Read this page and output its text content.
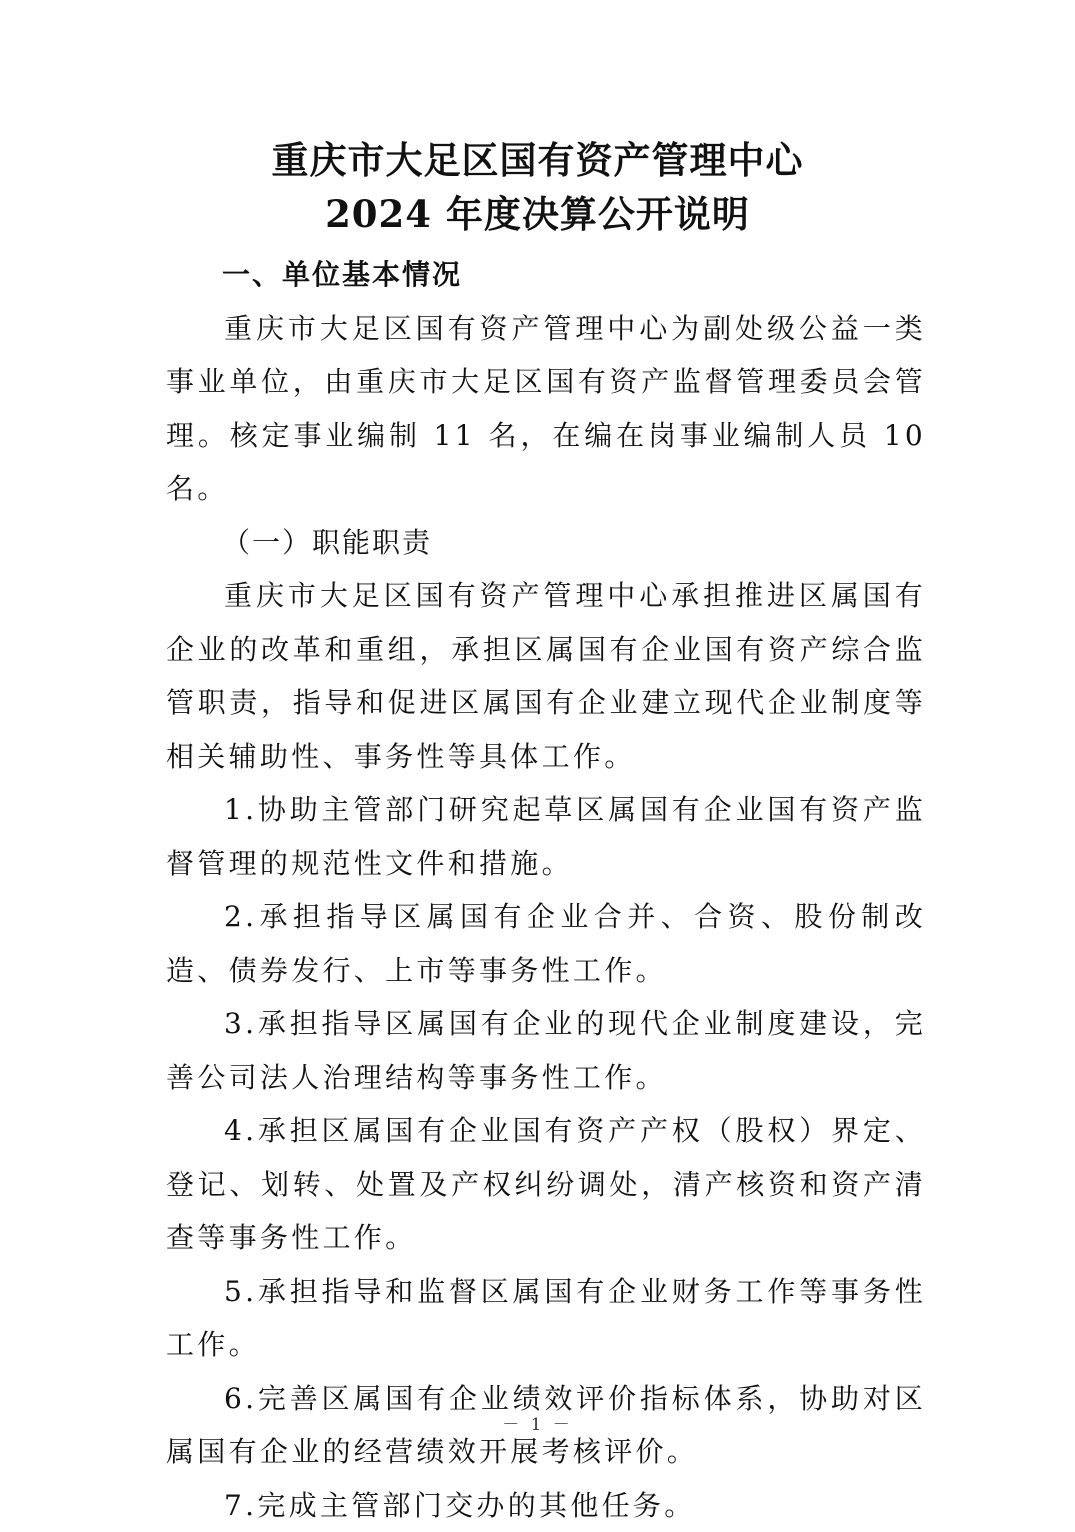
重庆市大足区国有资产管理中心
2024 年度决算公开说明

一、单位基本情况

重庆市大足区国有资产管理中心为副处级公益一类事业单位，由重庆市大足区国有资产监督管理委员会管理。核定事业编制 11 名，在编在岗事业编制人员 10 名。

（一）职能职责

重庆市大足区国有资产管理中心承担推进区属国有企业的改革和重组，承担区属国有企业国有资产综合监管职责，指导和促进区属国有企业建立现代企业制度等相关辅助性、事务性等具体工作。

1.协助主管部门研究起草区属国有企业国有资产监督管理的规范性文件和措施。

2.承担指导区属国有企业合并、合资、股份制改造、债券发行、上市等事务性工作。

3.承担指导区属国有企业的现代企业制度建设，完善公司法人治理结构等事务性工作。

4.承担区属国有企业国有资产产权（股权）界定、登记、划转、处置及产权纠纷调处，清产核资和资产清查等事务性工作。

5.承担指导和监督区属国有企业财务工作等事务性工作。

6.完善区属国有企业绩效评价指标体系，协助对区属国有企业的经营绩效开展考核评价。

7.完成主管部门交办的其他任务。

－ 1 －
